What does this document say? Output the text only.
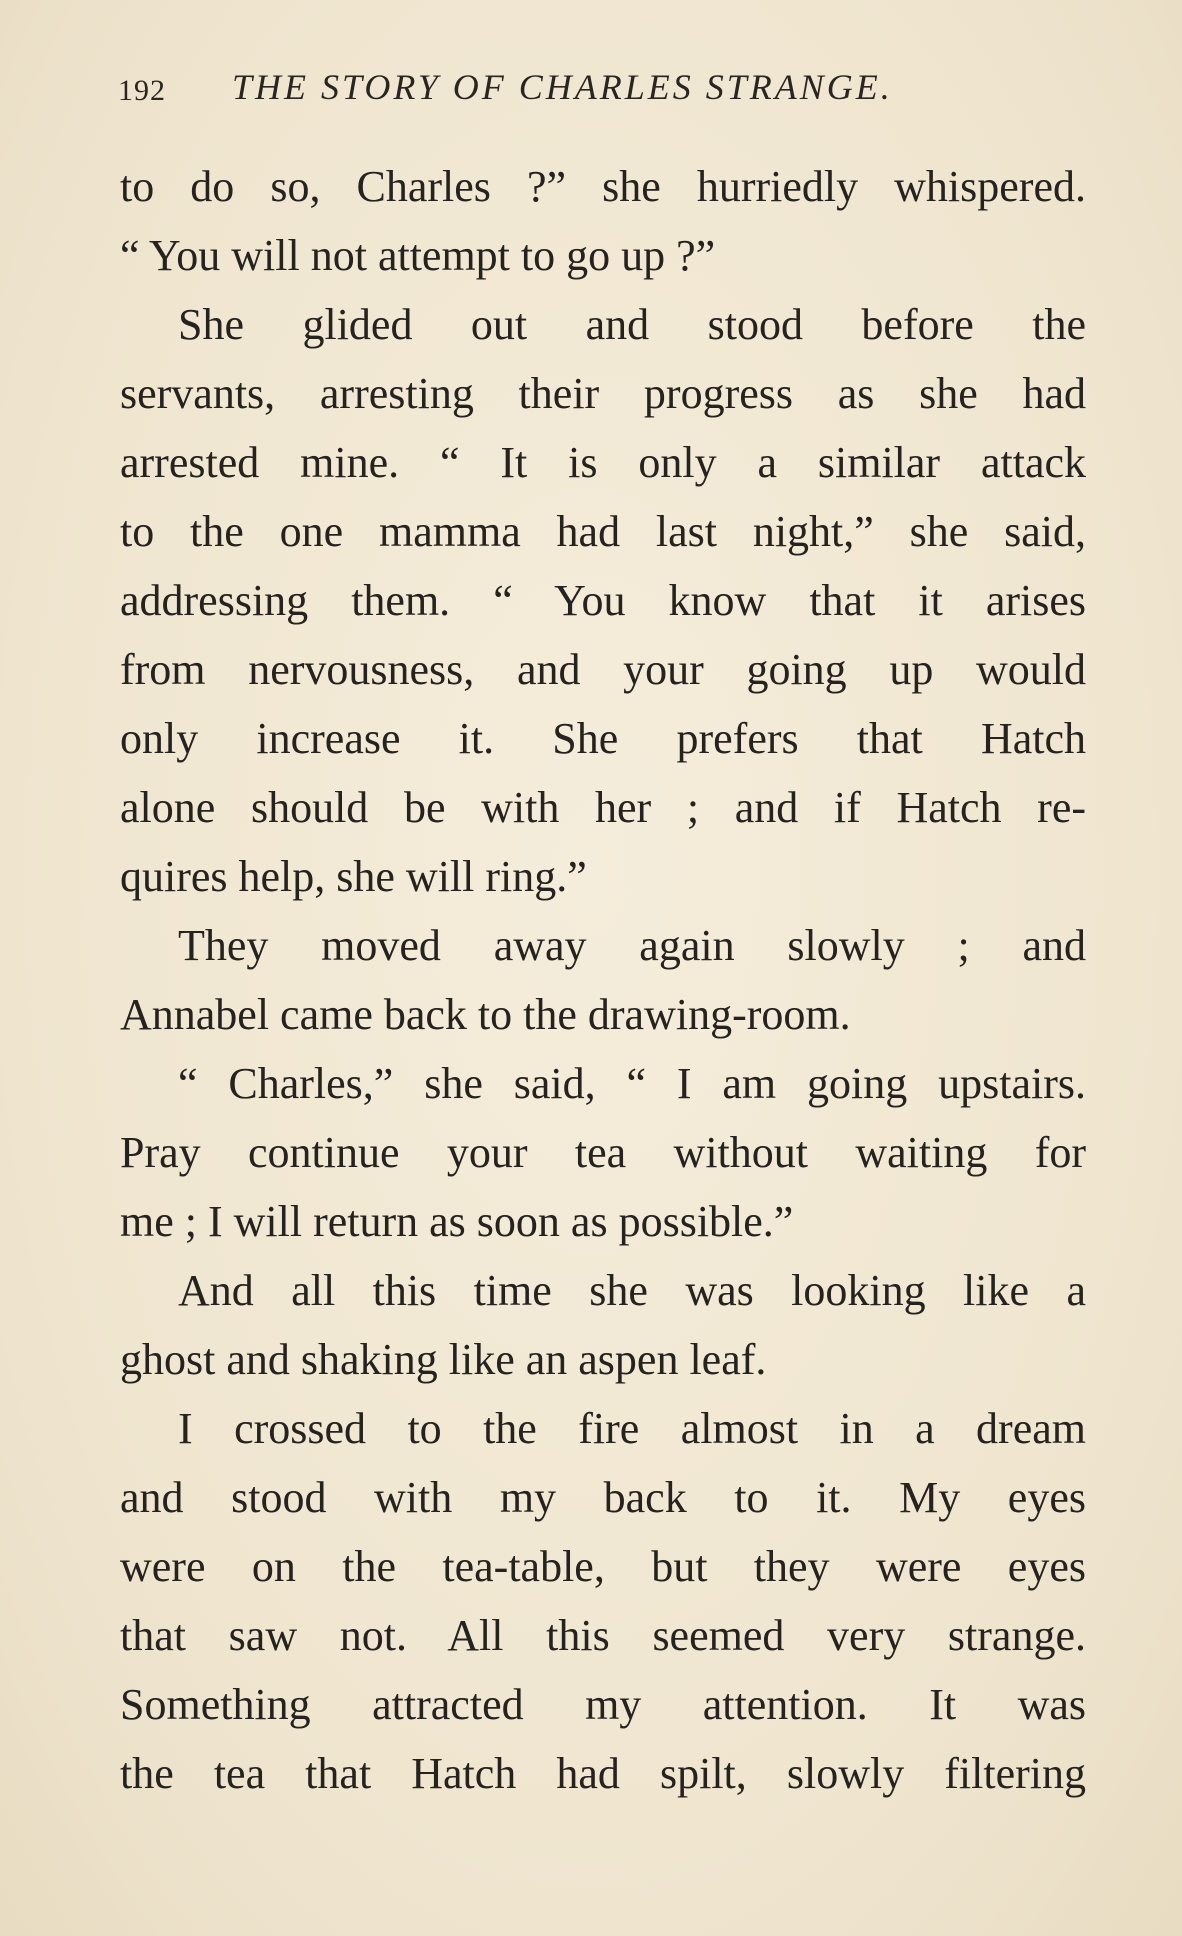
192 THE STORY OF CHARLES STRANGE.
to do so, Charles ?” she hurriedly whispered.
“ You will not attempt to go up ?”
She glided out and stood before the
servants, arresting their progress as she had
arrested mine. “ It is only a similar attack
to the one mamma had last night,” she said,
addressing them. “ You know that it arises
from nervousness, and your going up would
only increase it. She prefers that Hatch
alone should be with her ; and if Hatch re-
quires help, she will ring.”
They moved away again slowly ; and
Annabel came back to the drawing-room.
“ Charles,” she said, “ I am going upstairs.
Pray continue your tea without waiting for
me ; I will return as soon as possible.”
And all this time she was looking like a
ghost and shaking like an aspen leaf.
I crossed to the fire almost in a dream
and stood with my back to it. My eyes
were on the tea-table, but they were eyes
that saw not. All this seemed very strange.
Something attracted my attention. It was
the tea that Hatch had spilt, slowly filtering
